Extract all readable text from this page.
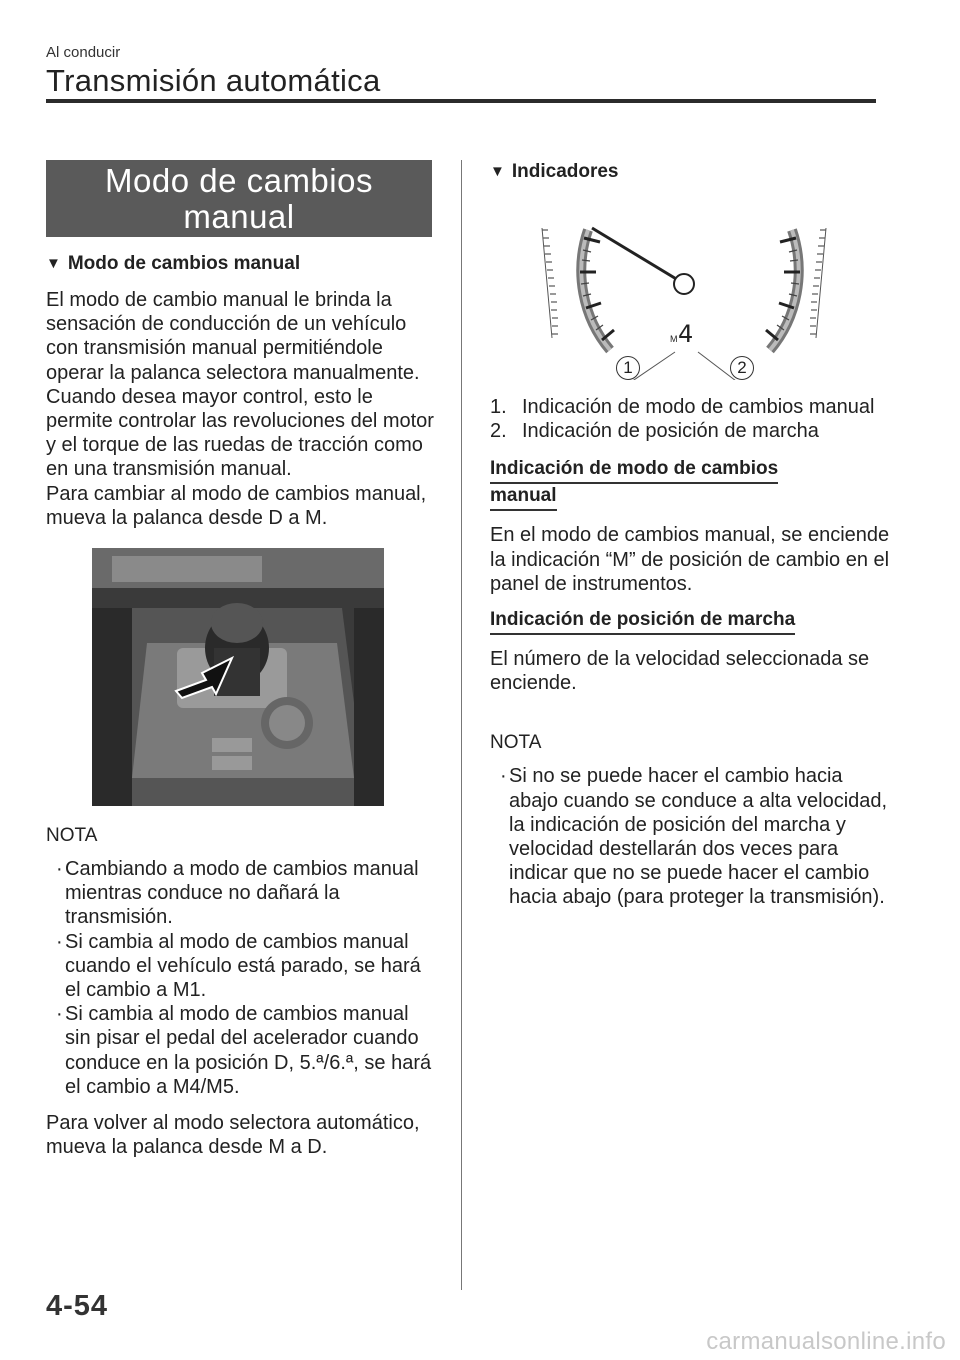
Al conducir
Transmisión automática
Modo de cambios
manual
▼ Modo de cambios manual

El modo de cambio manual le brinda la sensación de conducción de un vehículo con transmisión manual permitiéndole operar la palanca selectora manualmente. Cuando desea mayor control, esto le permite controlar las revoluciones del motor y el torque de las ruedas de tracción como en una transmisión manual.

Para cambiar al modo de cambios manual, mueva la palanca desde D a M.

NOTA
· Cambiando a modo de cambios manual mientras conduce no dañará la transmisión.
· Si cambia al modo de cambios manual cuando el vehículo está parado, se hará el cambio a M1.
· Si cambia al modo de cambios manual sin pisar el pedal del acelerador cuando conduce en la posición D, 5.ª/6.ª, se hará el cambio a M4/M5.

Para volver al modo selectora automático, mueva la palanca desde M a D.

▼ Indicadores
M 4
1	2
1. Indicación de modo de cambios manual
2. Indicación de posición de marcha
Indicación de modo de cambios
manual

En el modo de cambios manual, se enciende la indicación “M” de posición de cambio en el panel de instrumentos.

Indicación de posición de marcha

El número de la velocidad seleccionada se enciende.

NOTA
· Si no se puede hacer el cambio hacia abajo cuando se conduce a alta velocidad, la indicación de posición del marcha y velocidad destellarán dos veces para indicar que no se puede hacer el cambio hacia abajo (para proteger la transmisión).
4-54
carmanualsonline.info
